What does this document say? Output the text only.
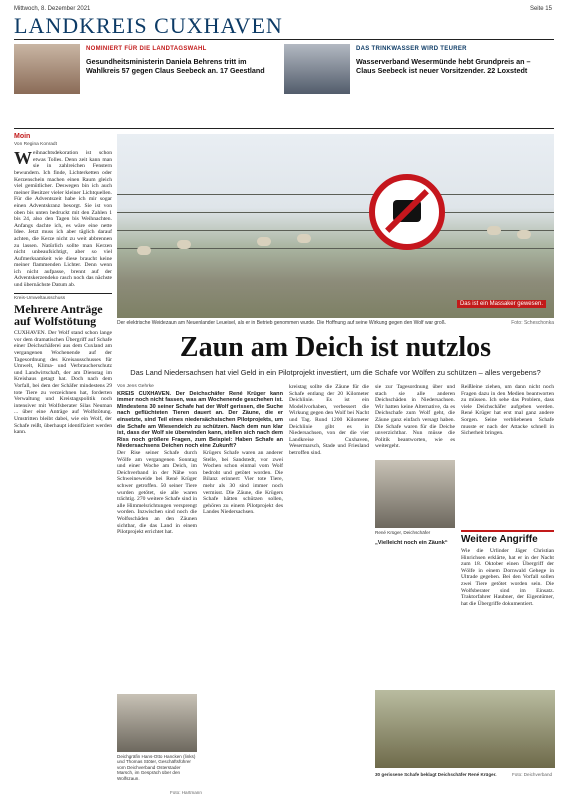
Mittwoch, 8. Dezember 2021	Seite 15
LANDKREIS CUXHAVEN
NOMINIERT FÜR DIE LANDTAGSWAHL
Gesundheitsministerin Daniela Behrens tritt im
Wahlkreis 57 gegen Claus Seebeck an. 17 Geestland
DAS TRINKWASSER WIRD TEURER
Wasserverband Wesermünde hebt Grundpreis an –
Claus Seebeck ist neuer Vorsitzender. 22 Loxstedt
Moin
Von Regina Konradt
Weihnachtsdekoration ist schon etwas Tolles. Denn zeit kann man sie in zahlreichen Fenstern bewundern. Ich finde, Lichterketten oder Kerzenschein machen einen Raum gleich viel gemütlicher. Deswegen bin ich auch meiner Besitzer vieler kleiner Lichtquellen. Für die Adventszeit habe ich mir sogar einen Adventskranz besorgt. Sie ist von oben bis unten bedruckt mit den Zahlen 1 bis 24, also den Tagen bis Weihnachten. Anfangs dachte ich, es wäre eine nette Idee. Jetzt muss ich aber täglich darauf achten, die Kerze nicht zu weit abbrennen zu lassen. Natürlich sollte man Kerzen nicht unbeaufsichtigt, aber so viel Aufmerksamkeit wie diese braucht keine meiner flammenden Lichter. Denn wenn ich nicht aufpasse, brennt auf der Adventskerzendeko rasch noch das nächste und übernächste Datum ab.
Kreis-Umweltausschuss
Mehrere Anträge auf Wolfstötung
CUXHAVEN. Der Wolf stand schon lange vor dem dramatischen Übergriff auf Schafe einer Deichschäferei aus dem Cuxland am vergangenen Wochenende auf der Tagesordnung des Kreisausschusses für Umwelt, Klima- und Verbraucherschutz und Landwirtschaft, der am Dienstag im Kreishaus getagt hat. Doch nach dem Vorfall, bei dem der Schäfer mindestens 29 tote Tiere zu verzeichnen hat, forderten Verwaltung und Kreistagspolitik noch intensiver mit Wolfsberater Silas Neuman ... über eine Anträge auf Wolfstötung. Umstritten bleibt dabei, wie ein Wolf, der Schafe reißt, überhaupt identifiziert werden kann.
Das ist ein Massaker gewesen.
Der elektrische Weidezaun am Neuenlander Leueisel, als er in Betrieb genommen wurde. Die Hoffnung auf seine Wirkung gegen den Wolf war groß.	Foto: Scheschonka
Zaun am Deich ist nutzlos
Das Land Niedersachsen hat viel Geld in ein Pilotprojekt investiert, um die Schafe vor Wölfen zu schützen – alles vergebens?
Von Jens Gehrke
KREIS CUXHAVEN. Der Deichschäfer René Krüger kann immer noch nicht fassen, was am Wochenende geschehen ist. Mindestens 30 seiner Schafe hat der Wolf gerissen, die Suche nach geflüchteten Tieren dauert an. Der Zäune, die er einsetzte, sind Teil eines niedersächsischen Pilotprojekts, um die Schafe am Wiesendeich zu schützen. Nach dem nun klar ist, dass der Wolf sie überwinden kann, stellen sich nach dem Riss noch größere Fragen, zum Beispiel: Haben Schafe an Niedersachsens Deichen noch eine Zukunft?
Der Rise seiner Schafe durch Wölfe am vergangenen Sonntag und einer Woche am Deich, im Deichverband in der Nähe von Schweineweide bei René Krüger schwer getroffen. 50 seiner Tiere wurden getötet, sie alle waren trächtig. 270 weitere Schafe sind in alle Himmelsrichtungen versprengt worden. Inzwischen sind noch die Wolfsschäden an den Zäunen sichtbar, die das Land in einem Pilotprojekt errichtet hat.
Krügers Schafe waren an anderer Stelle, bei Sandstedt, vor zwei Wochen schon einmal vom Wolf bedroht und getötet worden. Die Bilanz erinnert: Vier tote Tiere, mehr als 30 sind immer noch vermisst. Die Zäune, die Krügers Schafe hätten schützen sollen, gehören zu einem Pilotprojekt des Landes Niedersachsen.
kreistag sollte die Zäune für die Schafe entlang der 20 Kilometer Deichlinie. Es ist ein Modellvorhaben, verbessert die Wirkung gegen den Wolf bei Nacht und Tag. Rund 1200 Kilometer Deichlinie gibt es in Niedersachsen, von der die vier Landkreise Cuxhaven, Wesermarsch, Stade und Friesland betroffen sind.
René Krüger, Deichschäfer
sie zur Tagesordnung über und stach sie alle anderen Deichschäden in Niedersachsen. Wir hatten keine Alternative, da es Deichschafe zum Wolf geht, die Zäune ganz einfach versagt haben. Die Schafe waren für die Deiche unverzichtbar. Nun müsse die Politik beantworten, wie es weitergeht.
„Vielleicht noch ein Zäunk“
Reißleine ziehen, um dann nicht noch Fragen dazu in den Medien beantworten zu müssen. Ich sehe das Problem, dass viele Deichschäfer aufgeben werden. René Krüger hat erst mal ganz andere Sorgen. Seine verbliebenen Schafe musste er nach der Attacke schnell in Sicherheit bringen.
Weitere Angriffe
Wie die Urlinder Jäger Christian Hinrichsen erklärte, hat er in der Nacht zum 18. Oktober einen Übergriff der Wölfe in einem Dornwald Gehege in Ultrade gegeben. Bei den Vorfall sollen zwei Tiere getötet worden sein. Die Wolfsberater sind im Einsatz. Traktorfahrer Haubner, der Eigentümer, hat die Übergriffe dokumentiert.
Deichgräfin Hans-Otto Hancken (links) und Thomas Stöter, Geschäftsführer vom Deichverband Osterstader Marsch, im Gespräch über den Wolfszaun.
Foto: Hartmann
30 gerissene Schafe beklagt Deichschäfer René Krüger.	Foto: Deichverband
